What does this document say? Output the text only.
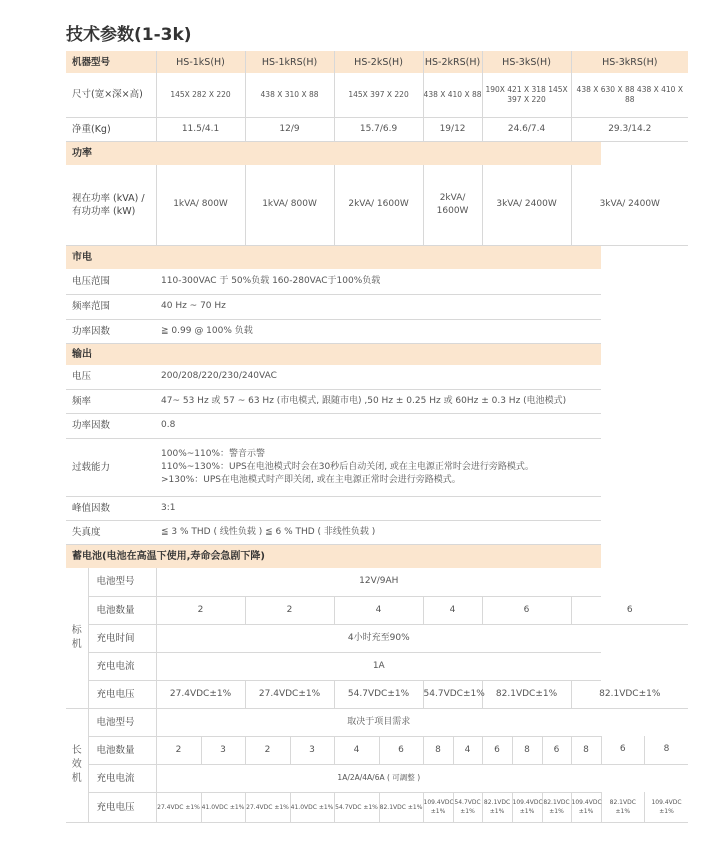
技术参数(1-3k)
机器型号		HS-1kS(H)		HS-1kRS(H)		HS-2kS(H)		HS-2kRS(H)		HS-3kS(H)			HS-3kRS(H)		
尺寸(宽×深×高)		145X 282 X 220		438 X 310 X 88		145X 397 X 220		438 X 410 X 88		190X 421 X 318 145X 397 X 220			438 X 630 X 88 438 X 410 X 88		
净重(Kg)		11.5/4.1		12/9		15.7/6.9		19/12		24.6/7.4			29.3/14.2		
功率															
视在功率 (kVA) / 有功功率 (kW)		1kVA/ 800W		1kVA/ 800W		2kVA/ 1600W		2kVA/ 1600W		3kVA/ 2400W			3kVA/ 2400W		
市电															
电压范围		110-300VAC 于 50%负载 160-280VAC于100%负载													
频率范围		40 Hz ~ 70 Hz													
功率因数		≧ 0.99 @ 100% 负载													
输出															
电压		200/208/220/230/240VAC													
频率		47~ 53 Hz 或 57 ~ 63 Hz (市电模式, 跟随市电) ,50 Hz ± 0.25 Hz 或 60Hz ± 0.3 Hz (电池模式)													
功率因数		0.8													
过载能力		100%~110%：警音示警
110%~130%：UPS在电池模式时会在30秒后自动关闭, 或在主电源正常时会进行旁路模式。
>130%：UPS在电池模式时产即关闭, 或在主电源正常时会进行旁路模式。													

峰值因数		3:1													
失真度		≦ 3 % THD ( 线性负载 ) ≦ 6 % THD ( 非线性负载 )													
蓄电池(电池在高温下使用,寿命会急剧下降)															
标
机	电池型号	12V/9AH													
	电池数量	2		2		4		4		6			6		
	充电时间	4小时充至90%													
	充电电流	1A													
	充电电压	27.4VDC±1%		27.4VDC±1%		54.7VDC±1%		54.7VDC±1%		82.1VDC±1%			82.1VDC±1%		
长
效
机	电池型号	取决于项目需求													
	电池数量	2	3	2	3	4	6	8	4	6	8	6	8	6	8
	充电电流	1A/2A/4A/6A ( 可調整 )													
	充电电压	27.4VDC ±1%	41.0VDC ±1%	27.4VDC ±1%	41.0VDC ±1%	54.7VDC ±1%	82.1VDC ±1%	109.4VDC ±1%	54.7VDC ±1%	82.1VDC ±1%	109.4VDC ±1%	82.1VDC ±1%	109.4VDC ±1%	82.1VDC ±1%	109.4VDC ±1%
